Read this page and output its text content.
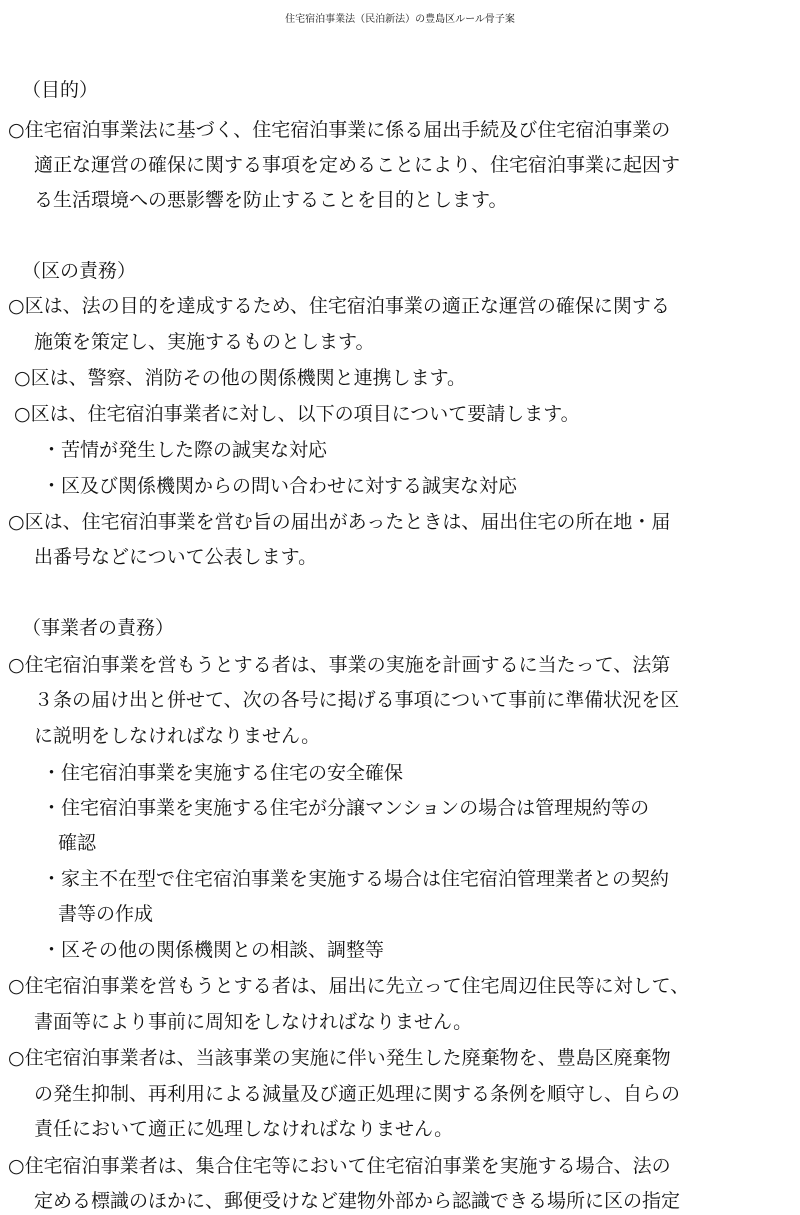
住宅宿泊事業法（民泊新法）の豊島区ルール骨子案
（目的）
○住宅宿泊事業法に基づく、住宅宿泊事業に係る届出手続及び住宅宿泊事業の
適正な運営の確保に関する事項を定めることにより、住宅宿泊事業に起因す
る生活環境への悪影響を防止することを目的とします。
（区の責務）
○区は、法の目的を達成するため、住宅宿泊事業の適正な運営の確保に関する
施策を策定し、実施するものとします。
○区は、警察、消防その他の関係機関と連携します。
○区は、住宅宿泊事業者に対し、以下の項目について要請します。
・苦情が発生した際の誠実な対応
・区及び関係機関からの問い合わせに対する誠実な対応
○区は、住宅宿泊事業を営む旨の届出があったときは、届出住宅の所在地・届
出番号などについて公表します。
（事業者の責務）
○住宅宿泊事業を営もうとする者は、事業の実施を計画するに当たって、法第
３条の届け出と併せて、次の各号に掲げる事項について事前に準備状況を区
に説明をしなければなりません。
・住宅宿泊事業を実施する住宅の安全確保
・住宅宿泊事業を実施する住宅が分譲マンションの場合は管理規約等の
確認
・家主不在型で住宅宿泊事業を実施する場合は住宅宿泊管理業者との契約
書等の作成
・区その他の関係機関との相談、調整等
○住宅宿泊事業を営もうとする者は、届出に先立って住宅周辺住民等に対して、
書面等により事前に周知をしなければなりません。
○住宅宿泊事業者は、当該事業の実施に伴い発生した廃棄物を、豊島区廃棄物
の発生抑制、再利用による減量及び適正処理に関する条例を順守し、自らの
責任において適正に処理しなければなりません。
○住宅宿泊事業者は、集合住宅等において住宅宿泊事業を実施する場合、法の
定める標識のほかに、郵便受けなど建物外部から認識できる場所に区の指定
